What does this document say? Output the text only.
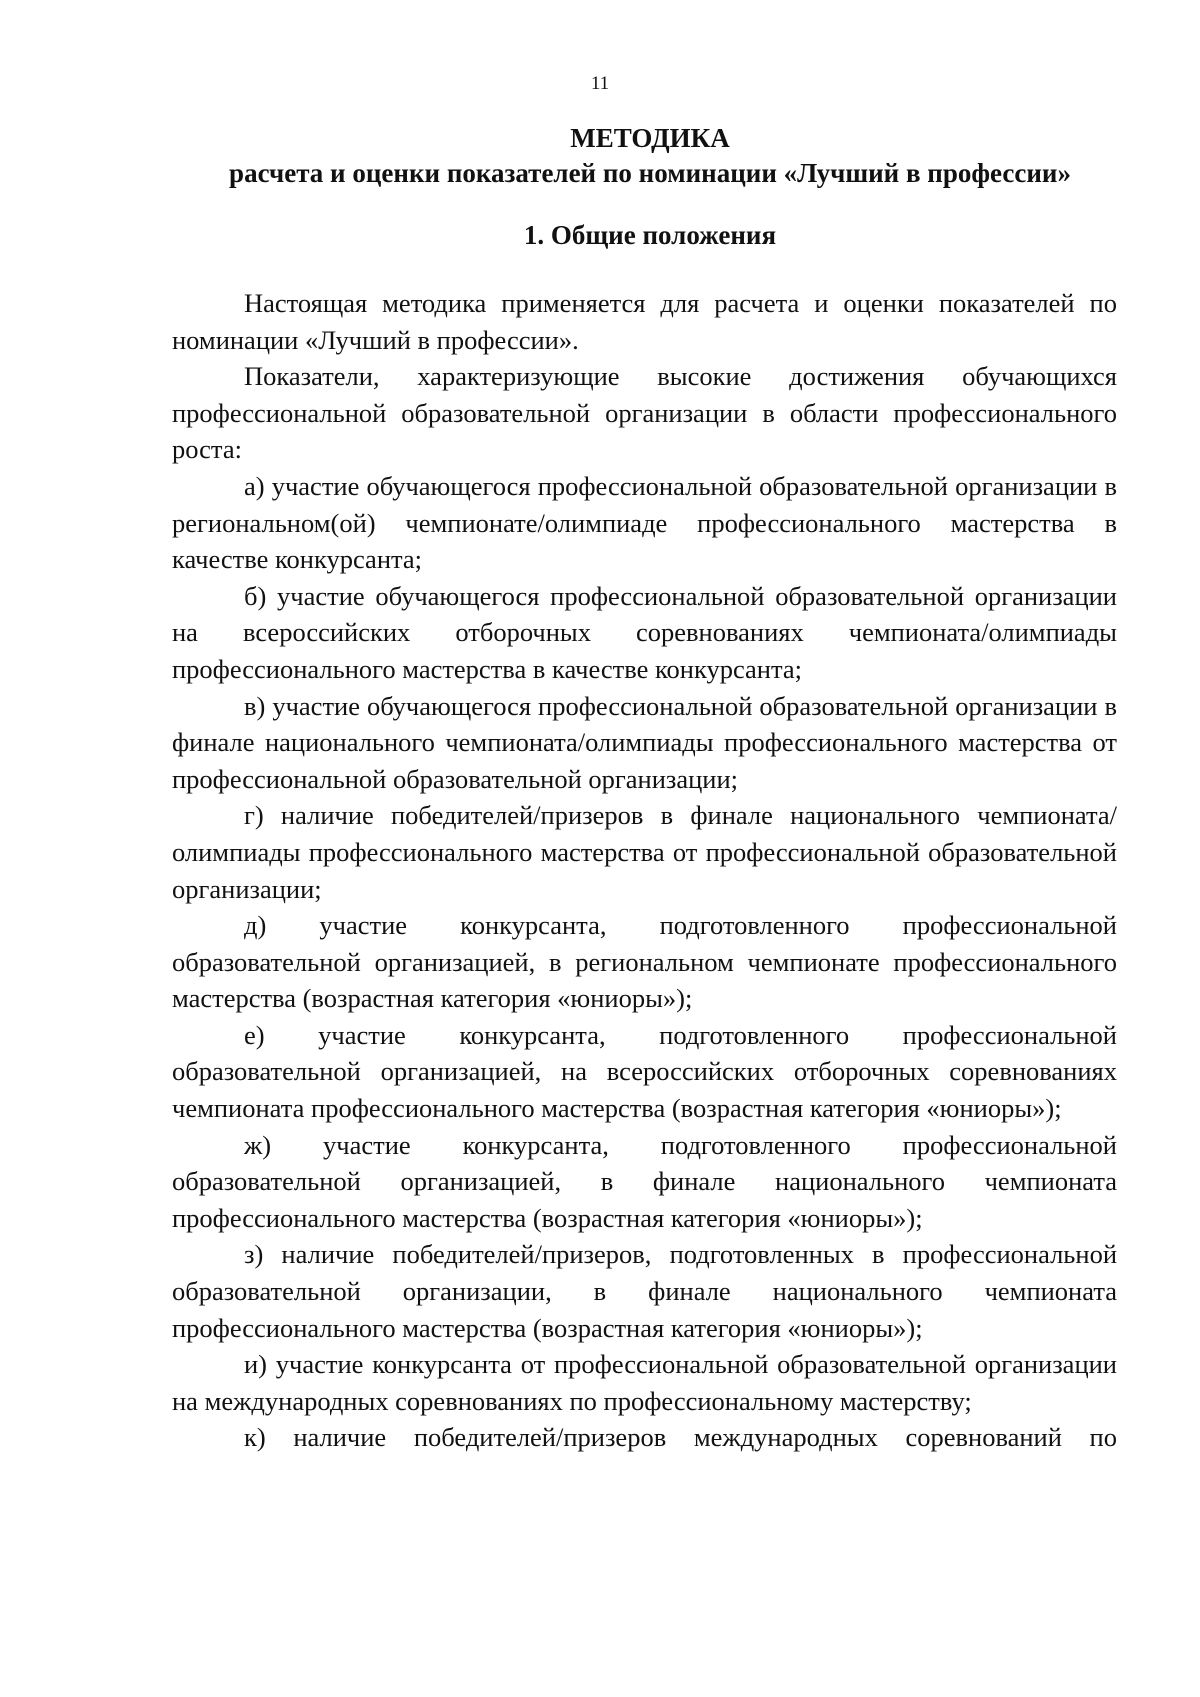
11
МЕТОДИКА
расчета и оценки показателей по номинации «Лучший в профессии»
1. Общие положения

Настоящая методика применяется для расчета и оценки показателей по номинации «Лучший в профессии».

Показатели, характеризующие высокие достижения обучающихся профессиональной образовательной организации в области профессионального роста:

а) участие обучающегося профессиональной образовательной организации в региональном(ой) чемпионате/олимпиаде профессионального мастерства в качестве конкурсанта;

б) участие обучающегося профессиональной образовательной организации на всероссийских отборочных соревнованиях чемпионата/олимпиады профессионального мастерства в качестве конкурсанта;

в) участие обучающегося профессиональной образовательной организации в финале национального чемпионата/олимпиады профессионального мастерства от профессиональной образовательной организации;

г) наличие победителей/призеров в финале национального чемпионата/олимпиады профессионального мастерства от профессиональной образовательной организации;

д) участие конкурсанта, подготовленного профессиональной образовательной организацией, в региональном чемпионате профессионального мастерства (возрастная категория «юниоры»);

е) участие конкурсанта, подготовленного профессиональной образовательной организацией, на всероссийских отборочных соревнованиях чемпионата профессионального мастерства (возрастная категория «юниоры»);

ж) участие конкурсанта, подготовленного профессиональной образовательной организацией, в финале национального чемпионата профессионального мастерства (возрастная категория «юниоры»);

з) наличие победителей/призеров, подготовленных в профессиональной образовательной организации, в финале национального чемпионата профессионального мастерства (возрастная категория «юниоры»);

и) участие конкурсанта от профессиональной образовательной организации на международных соревнованиях по профессиональному мастерству;

к) наличие победителей/призеров международных соревнований по
